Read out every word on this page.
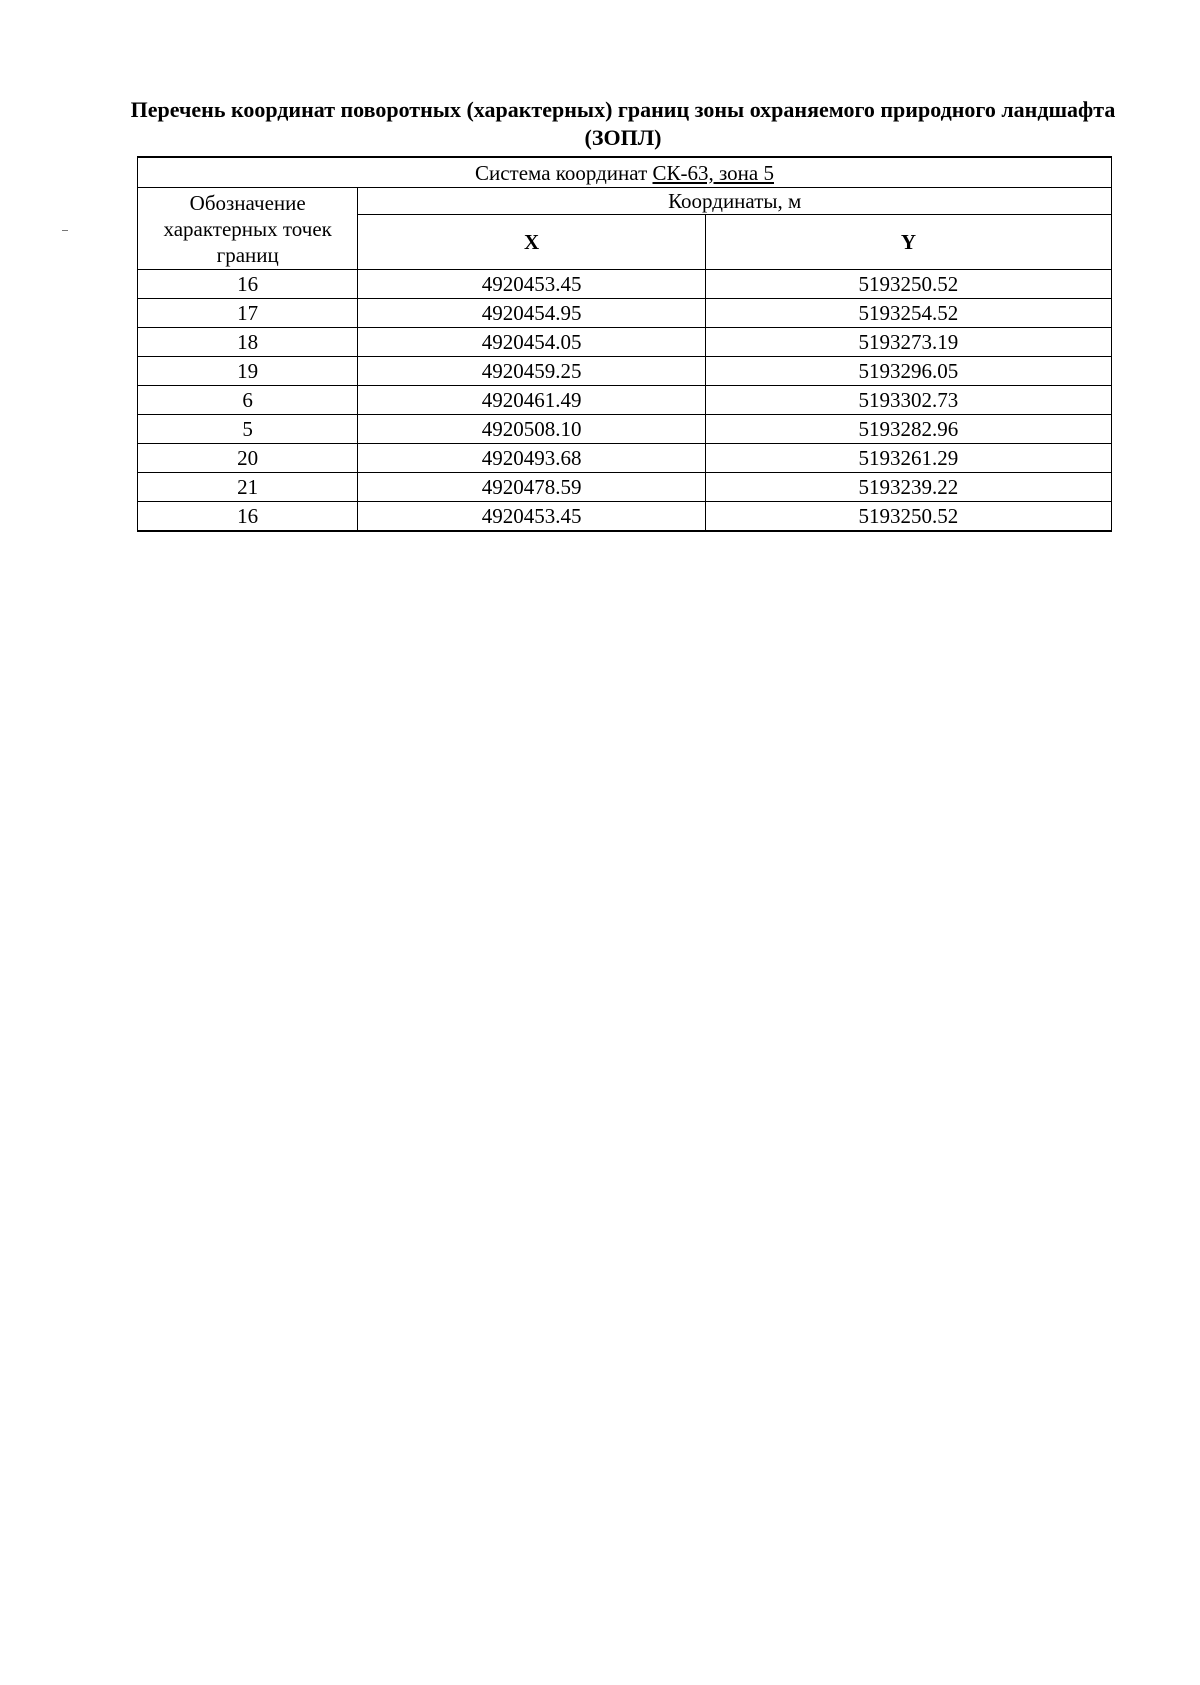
Перечень координат поворотных (характерных) границ зоны охраняемого природного ландшафта (ЗОПЛ)
Система координат СК-63, зона 5		
Обозначение характерных точек границ	Координаты, м	
	X	Y
16	4920453.45	5193250.52
17	4920454.95	5193254.52
18	4920454.05	5193273.19
19	4920459.25	5193296.05
6	4920461.49	5193302.73
5	4920508.10	5193282.96
20	4920493.68	5193261.29
21	4920478.59	5193239.22
16	4920453.45	5193250.52
